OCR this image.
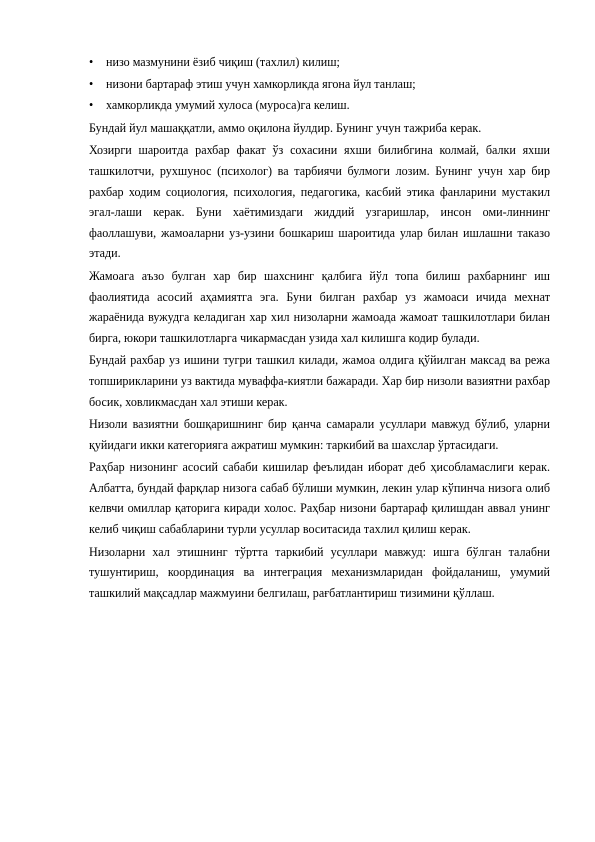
• низо мазмунини ёзиб чиқиш (тахлил) килиш;
• низони бартараф этиш учун хамкорликда ягона йул танлаш;
• хамкорликда умумий хулоса (муроса)га келиш.

Бундай йул машаққатли, аммо оқилона йулдир. Бунинг учун тажриба керак.

Хозирги шароитда рахбар факат ўз сохасини яхши билибгина колмай, балки яхши ташкилотчи, рухшунос (психолог) ва тарбиячи булмоги лозим. Бунинг учун хар бир рахбар ходим социология, психология, педагогика, касбий этика фанларини мустакил эгал-лаши керак. Буни хаётимиздаги жиддий узгаришлар, инсон оми-линнинг фаоллашуви, жамоаларни уз-узини бошкариш шароитида улар билан ишлашни таказо этади.

Жамоага аъзо булган хар бир шахснинг қалбига йўл топа билиш рахбарнинг иш фаолиятида асосий аҳамиятга эга. Буни билган рахбар уз жамоаси ичида мехнат жараёнида вужудга келадиган хар хил низоларни жамоада жамоат ташкилотлари билан бирга, юкори ташкилотларга чикармасдан узида хал килишга кодир булади.

Бундай рахбар уз ишини тугри ташкил килади, жамоа олдига қўйилган максад ва режа топширикларини уз вактида муваффа-киятли бажаради. Хар бир низоли вазиятни рахбар босик, ховликмасдан хал этиши керак.

Низоли вазиятни бошқаришнинг бир қанча самарали усуллари мавжуд бўлиб, уларни қуйидаги икки категорияга ажратиш мумкин: таркибий ва шахслар ўртасидаги.

Раҳбар низонинг асосий сабаби кишилар феълидан иборат деб ҳисобламаслиги керак. Албатта, бундай фарқлар низога сабаб бўлиши мумкин, лекин улар кўпинча низога олиб келвчи омиллар қаторига киради холос. Раҳбар низони бартараф қилишдан аввал унинг келиб чиқиш сабабларини турли усуллар воситасида тахлил қилиш керак.

Низоларни хал этишнинг тўртта таркибий усуллари мавжуд: ишга бўлган талабни тушунтириш, координация ва интеграция механизмларидан фойдаланиш, умумий ташкилий мақсадлар мажмуини белгилаш, рағбатлантириш тизимини қўллаш.
